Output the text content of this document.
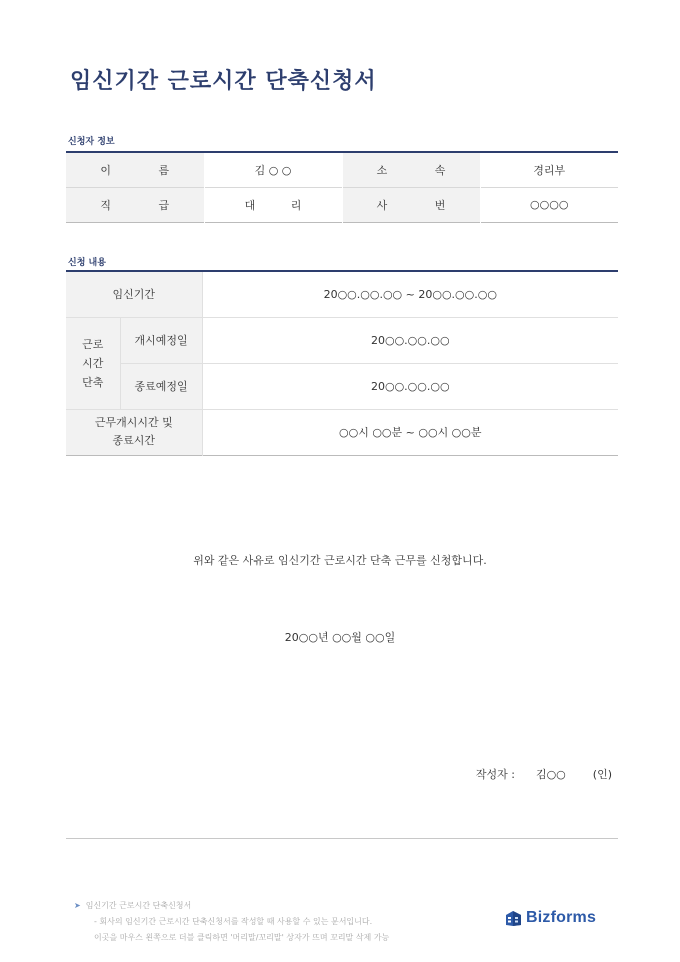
임신기간 근로시간 단축신청서
신청자 정보
이 름	김 ○ ○	소 속	경리부
직 급	대 리	사 번	○○○○
신청 내용
임신기간		20○○.○○.○○ ~ 20○○.○○.○○

근로
시간
단축	개시예정일	20○○.○○.○○
	종료예정일	20○○.○○.○○

근무개시시간 및
종료시간		○○시 ○○분 ~ ○○시 ○○분
위와 같은 사유로 임신기간 근로시간 단축 근무를 신청합니다.
20○○년 ○○월 ○○일
작성자 : 김○○ (인)
➤ 임신기간 근로시간 단축신청서
- 회사의 임신기간 근로시간 단축신청서를 작성할 때 사용할 수 있는 문서입니다.
이곳을 마우스 왼쪽으로 더블 클릭하면 '머리말/꼬리말' 상자가 뜨며 꼬리말 삭제 가능
Bizforms
